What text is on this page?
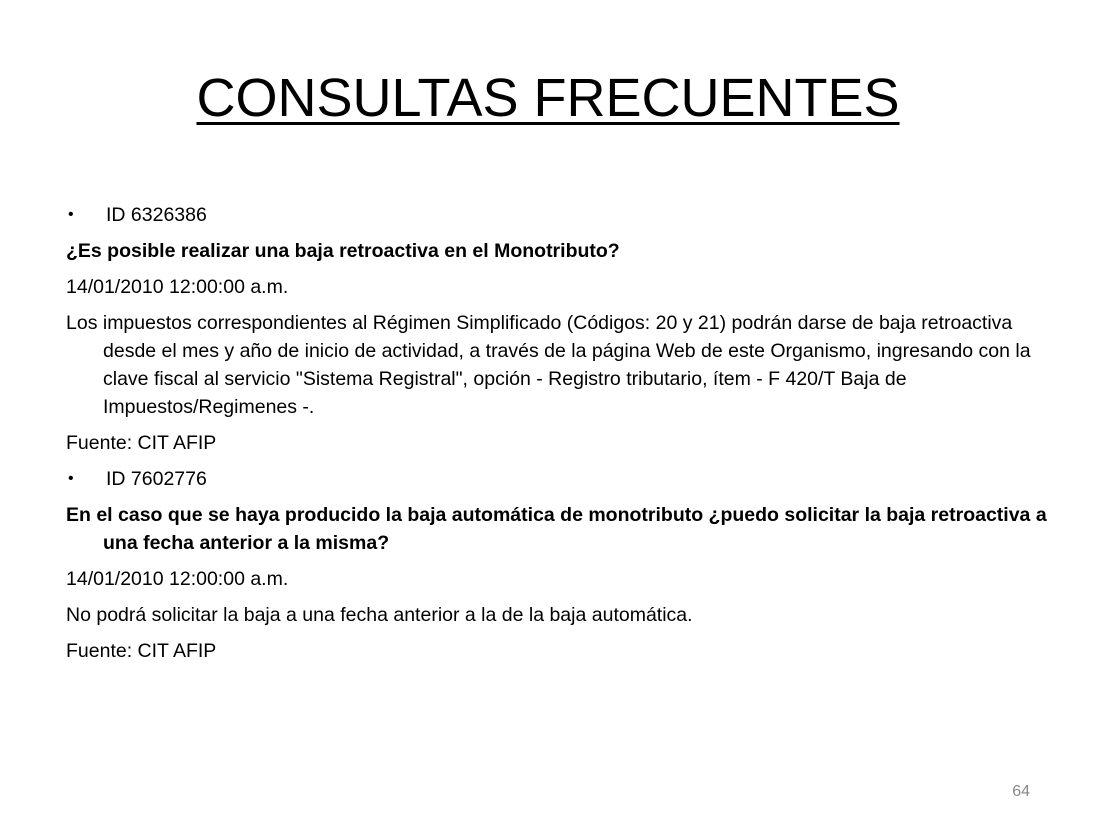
CONSULTAS FRECUENTES
• ID 6326386

¿Es posible realizar una baja retroactiva en el Monotributo?

14/01/2010 12:00:00 a.m.

Los impuestos correspondientes al Régimen Simplificado (Códigos: 20 y 21) podrán darse de baja retroactiva desde el mes y año de inicio de actividad, a través de la página Web de este Organismo, ingresando con la clave fiscal al servicio "Sistema Registral", opción - Registro tributario, ítem - F 420/T Baja de Impuestos/Regimenes -.

Fuente: CIT AFIP

• ID 7602776

En el caso que se haya producido la baja automática de monotributo ¿puedo solicitar la baja retroactiva a una fecha anterior a la misma?

14/01/2010 12:00:00 a.m.

No podrá solicitar la baja a una fecha anterior a la de la baja automática.

Fuente: CIT AFIP

64
